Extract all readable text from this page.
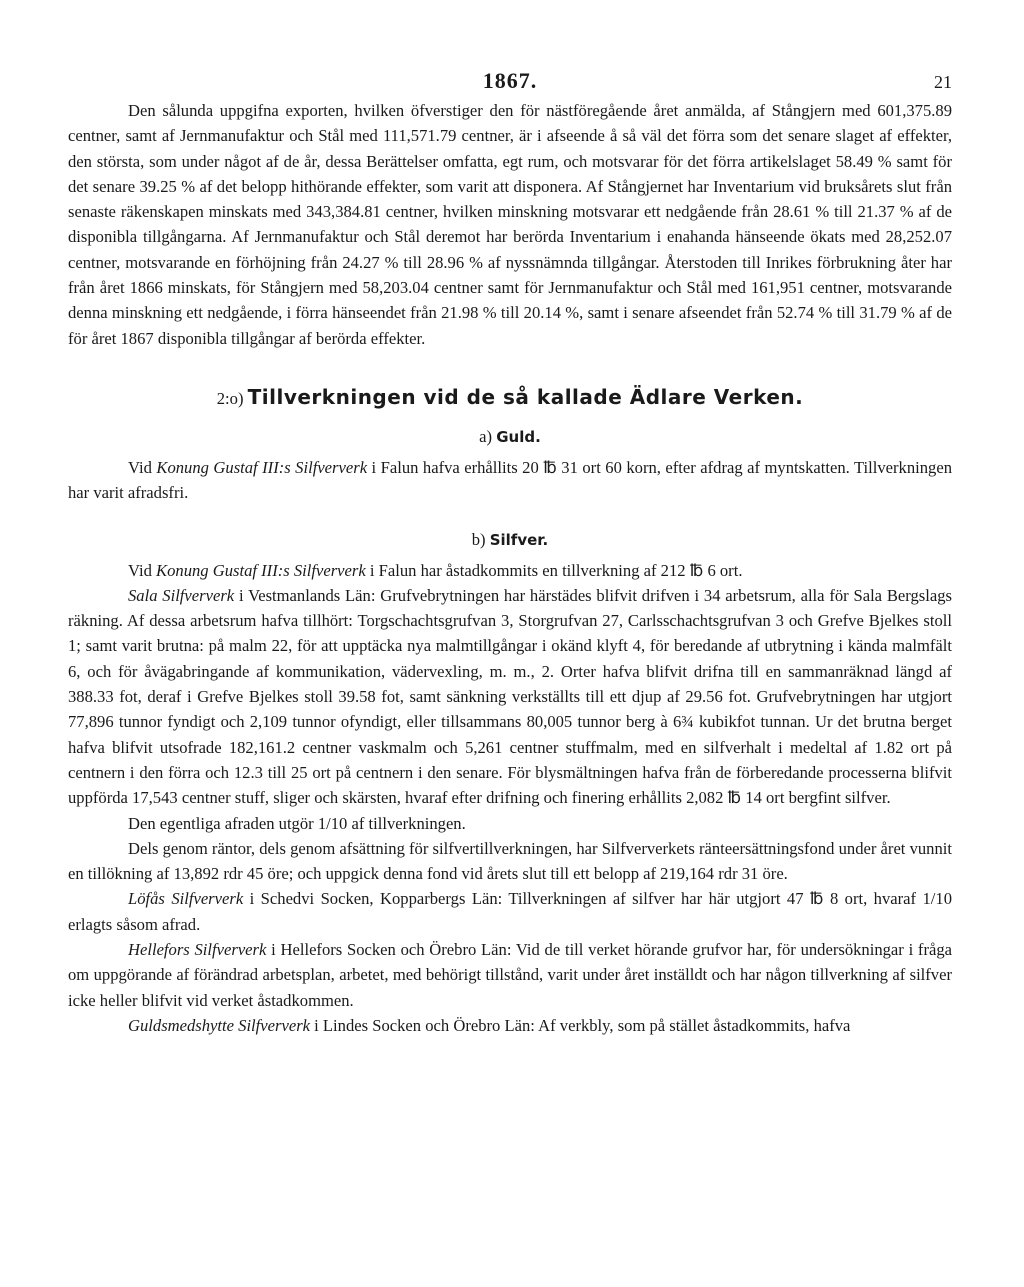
1867.	21

Den sålunda uppgifna exporten, hvilken öfverstiger den för nästföregående året anmälda, af Stångjern med 601,375.89 centner, samt af Jernmanufaktur och Stål med 111,571.79 centner, är i afseende å så väl det förra som det senare slaget af effekter, den största, som under något af de år, dessa Berättelser omfatta, egt rum, och motsvarar för det förra artikelslaget 58.49 % samt för det senare 39.25 % af det belopp hithörande effekter, som varit att disponera. Af Stångjernet har Inventarium vid bruksårets slut från senaste räkenskapen minskats med 343,384.81 centner, hvilken minskning motsvarar ett nedgående från 28.61 % till 21.37 % af de disponibla tillgångarna. Af Jernmanufaktur och Stål deremot har berörda Inventarium i enahanda hänseende ökats med 28,252.07 centner, motsvarande en förhöjning från 24.27 % till 28.96 % af nyssnämnda tillgångar. Återstoden till Inrikes förbrukning åter har från året 1866 minskats, för Stångjern med 58,203.04 centner samt för Jernmanufaktur och Stål med 161,951 centner, motsvarande denna minskning ett nedgående, i förra hänseendet från 21.98 % till 20.14 %, samt i senare afseendet från 52.74 % till 31.79 % af de för året 1867 disponibla tillgångar af berörda effekter.

2:o) Tillverkningen vid de så kallade Ädlare Verken.
a) Guld.

Vid Konung Gustaf III:s Silfververk i Falun hafva erhållits 20 ℔ 31 ort 60 korn, efter afdrag af myntskatten. Tillverkningen har varit afradsfri.

b) Silfver.

Vid Konung Gustaf III:s Silfververk i Falun har åstadkommits en tillverkning af 212 ℔ 6 ort.

Sala Silfververk i Vestmanlands Län: Grufvebrytningen har härstädes blifvit drifven i 34 arbetsrum, alla för Sala Bergslags räkning. Af dessa arbetsrum hafva tillhört: Torgschachtsgrufvan 3, Storgrufvan 27, Carlsschachtsgrufvan 3 och Grefve Bjelkes stoll 1; samt varit brutna: på malm 22, för att upptäcka nya malmtillgångar i okänd klyft 4, för beredande af utbrytning i kända malmfält 6, och för åvägabringande af kommunikation, vädervexling, m. m., 2. Orter hafva blifvit drifna till en sammanräknad längd af 388.33 fot, deraf i Grefve Bjelkes stoll 39.58 fot, samt sänkning verkställts till ett djup af 29.56 fot. Grufvebrytningen har utgjort 77,896 tunnor fyndigt och 2,109 tunnor ofyndigt, eller tillsammans 80,005 tunnor berg à 6¾ kubikfot tunnan. Ur det brutna berget hafva blifvit utsofrade 182,161.2 centner vaskmalm och 5,261 centner stuffmalm, med en silfverhalt i medeltal af 1.82 ort på centnern i den förra och 12.3 till 25 ort på centnern i den senare. För blysmältningen hafva från de förberedande processerna blifvit uppfördа 17,543 centner stuff, sliger och skärsten, hvaraf efter drifning och finering erhållits 2,082 ℔ 14 ort bergfint silfver.

Den egentliga afraden utgör 1/10 af tillverkningen.

Dels genom räntor, dels genom afsättning för silfvertillverkningen, har Silfververkets ränteersättningsfond under året vunnit en tillökning af 13,892 rdr 45 öre; och uppgick denna fond vid årets slut till ett belopp af 219,164 rdr 31 öre.

Löfås Silfververk i Schedvi Socken, Kopparbergs Län: Tillverkningen af silfver har här utgjort 47 ℔ 8 ort, hvaraf 1/10 erlagts såsom afrad.

Hellefors Silfververk i Hellefors Socken och Örebro Län: Vid de till verket hörande grufvor har, för undersökningar i fråga om uppgörande af förändrad arbetsplan, arbetet, med behörigt tillstånd, varit under året inställdt och har någon tillverkning af silfver icke heller blifvit vid verket åstadkommen.

Guldsmedshytte Silfververk i Lindes Socken och Örebro Län: Af verkbly, som på stället åstadkommits, hafva
